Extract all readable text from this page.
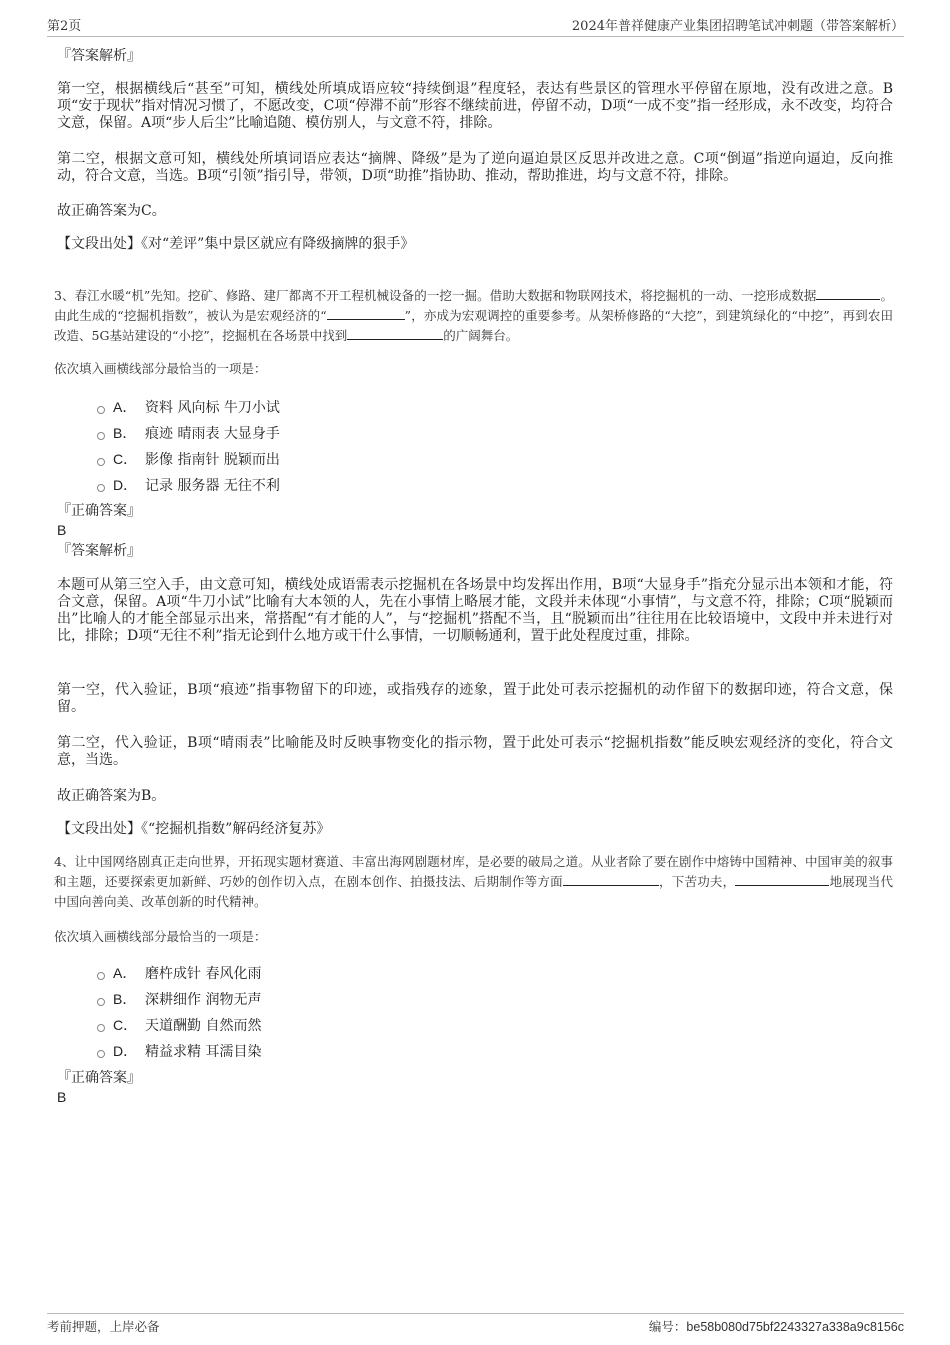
第2页	2024年普祥健康产业集团招聘笔试冲刺题（带答案解析）

『答案解析』

第一空，根据横线后“甚至”可知，横线处所填成语应较“持续倒退”程度轻，表达有些景区的管理水平停留在原地，没有改进之意。B项“安于现状”指对情况习惯了，不愿改变，C项“停滞不前”形容不继续前进，停留不动，D项“一成不变”指一经形成，永不改变，均符合文意，保留。A项“步人后尘”比喻追随、模仿别人，与文意不符，排除。

第二空，根据文意可知，横线处所填词语应表达“摘牌、降级”是为了逆向逼迫景区反思并改进之意。C项“倒逼”指逆向逼迫，反向推动，符合文意，当选。B项“引领”指引导，带领，D项“助推”指协助、推动，帮助推进，均与文意不符，排除。

故正确答案为C。

【文段出处】《对“差评”集中景区就应有降级摘牌的狠手》

3、春江水暖“机”先知。挖矿、修路、建厂都离不开工程机械设备的一挖一掘。借助大数据和物联网技术，将挖掘机的一动、一挖形成数据	。由此生成的“挖掘机指数”，被认为是宏观经济的“	”，亦成为宏观调控的重要参考。从架桥修路的“大挖”，到建筑绿化的“中挖”，再到农田改造、5G基站建设的“小挖”，挖掘机在各场景中找到	的广阔舞台。

依次填入画横线部分最恰当的一项是：

A． 资料 风向标 牛刀小试
B． 痕迹 晴雨表 大显身手
C． 影像 指南针 脱颖而出
D． 记录 服务器 无往不利

『正确答案』

B

『答案解析』

本题可从第三空入手，由文意可知，横线处成语需表示挖掘机在各场景中均发挥出作用，B项“大显身手”指充分显示出本领和才能，符合文意，保留。A项“牛刀小试”比喻有大本领的人，先在小事情上略展才能，文段并未体现“小事情”，与文意不符，排除；C项“脱颖而出”比喻人的才能全部显示出来，常搭配“有才能的人”，与“挖掘机”搭配不当，且“脱颖而出”往往用在比较语境中，文段中并未进行对比，排除；D项“无往不利”指无论到什么地方或干什么事情，一切顺畅通利，置于此处程度过重，排除。

第一空，代入验证，B项“痕迹”指事物留下的印迹，或指残存的迹象，置于此处可表示挖掘机的动作留下的数据印迹，符合文意，保留。

第二空，代入验证，B项“晴雨表”比喻能及时反映事物变化的指示物，置于此处可表示“挖掘机指数”能反映宏观经济的变化，符合文意，当选。

故正确答案为B。

【文段出处】《“挖掘机指数”解码经济复苏》

4、让中国网络剧真正走向世界，开拓现实题材赛道、丰富出海网剧题材库，是必要的破局之道。从业者除了要在剧作中熔铸中国精神、中国审美的叙事和主题，还要探索更加新鲜、巧妙的创作切入点，在剧本创作、拍摄技法、后期制作等方面	，下苦功夫，	地展现当代中国向善向美、改革创新的时代精神。

依次填入画横线部分最恰当的一项是：

A． 磨杵成针 春风化雨
B． 深耕细作 润物无声
C． 天道酬勤 自然而然
D． 精益求精 耳濡目染

『正确答案』

B

考前押题，上岸必备	编号：be58b080d75bf2243327a338a9c8156c
